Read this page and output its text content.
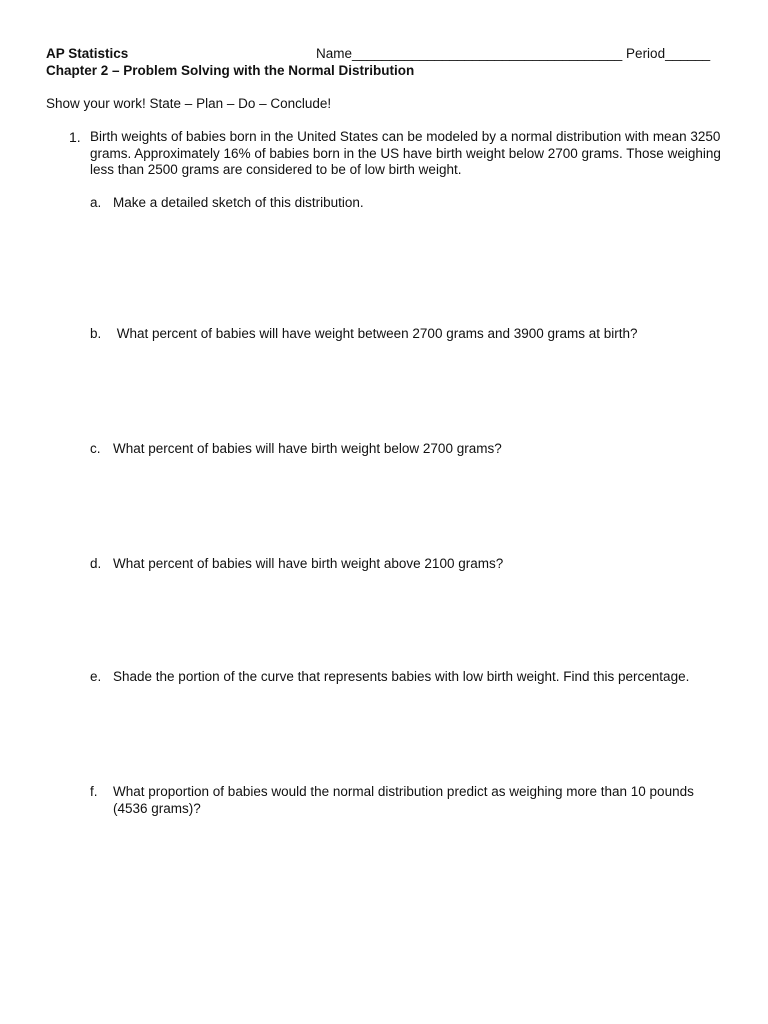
AP Statistics	Name____________________________________ Period______
Chapter 2 – Problem Solving with the Normal Distribution
Show your work! State – Plan – Do – Conclude!
1. Birth weights of babies born in the United States can be modeled by a normal distribution with mean 3250 grams. Approximately 16% of babies born in the US have birth weight below 2700 grams. Those weighing less than 2500 grams are considered to be of low birth weight.
a. Make a detailed sketch of this distribution.
b. What percent of babies will have weight between 2700 grams and 3900 grams at birth?
c. What percent of babies will have birth weight below 2700 grams?
d. What percent of babies will have birth weight above 2100 grams?
e. Shade the portion of the curve that represents babies with low birth weight. Find this percentage.
f. What proportion of babies would the normal distribution predict as weighing more than 10 pounds (4536 grams)?
